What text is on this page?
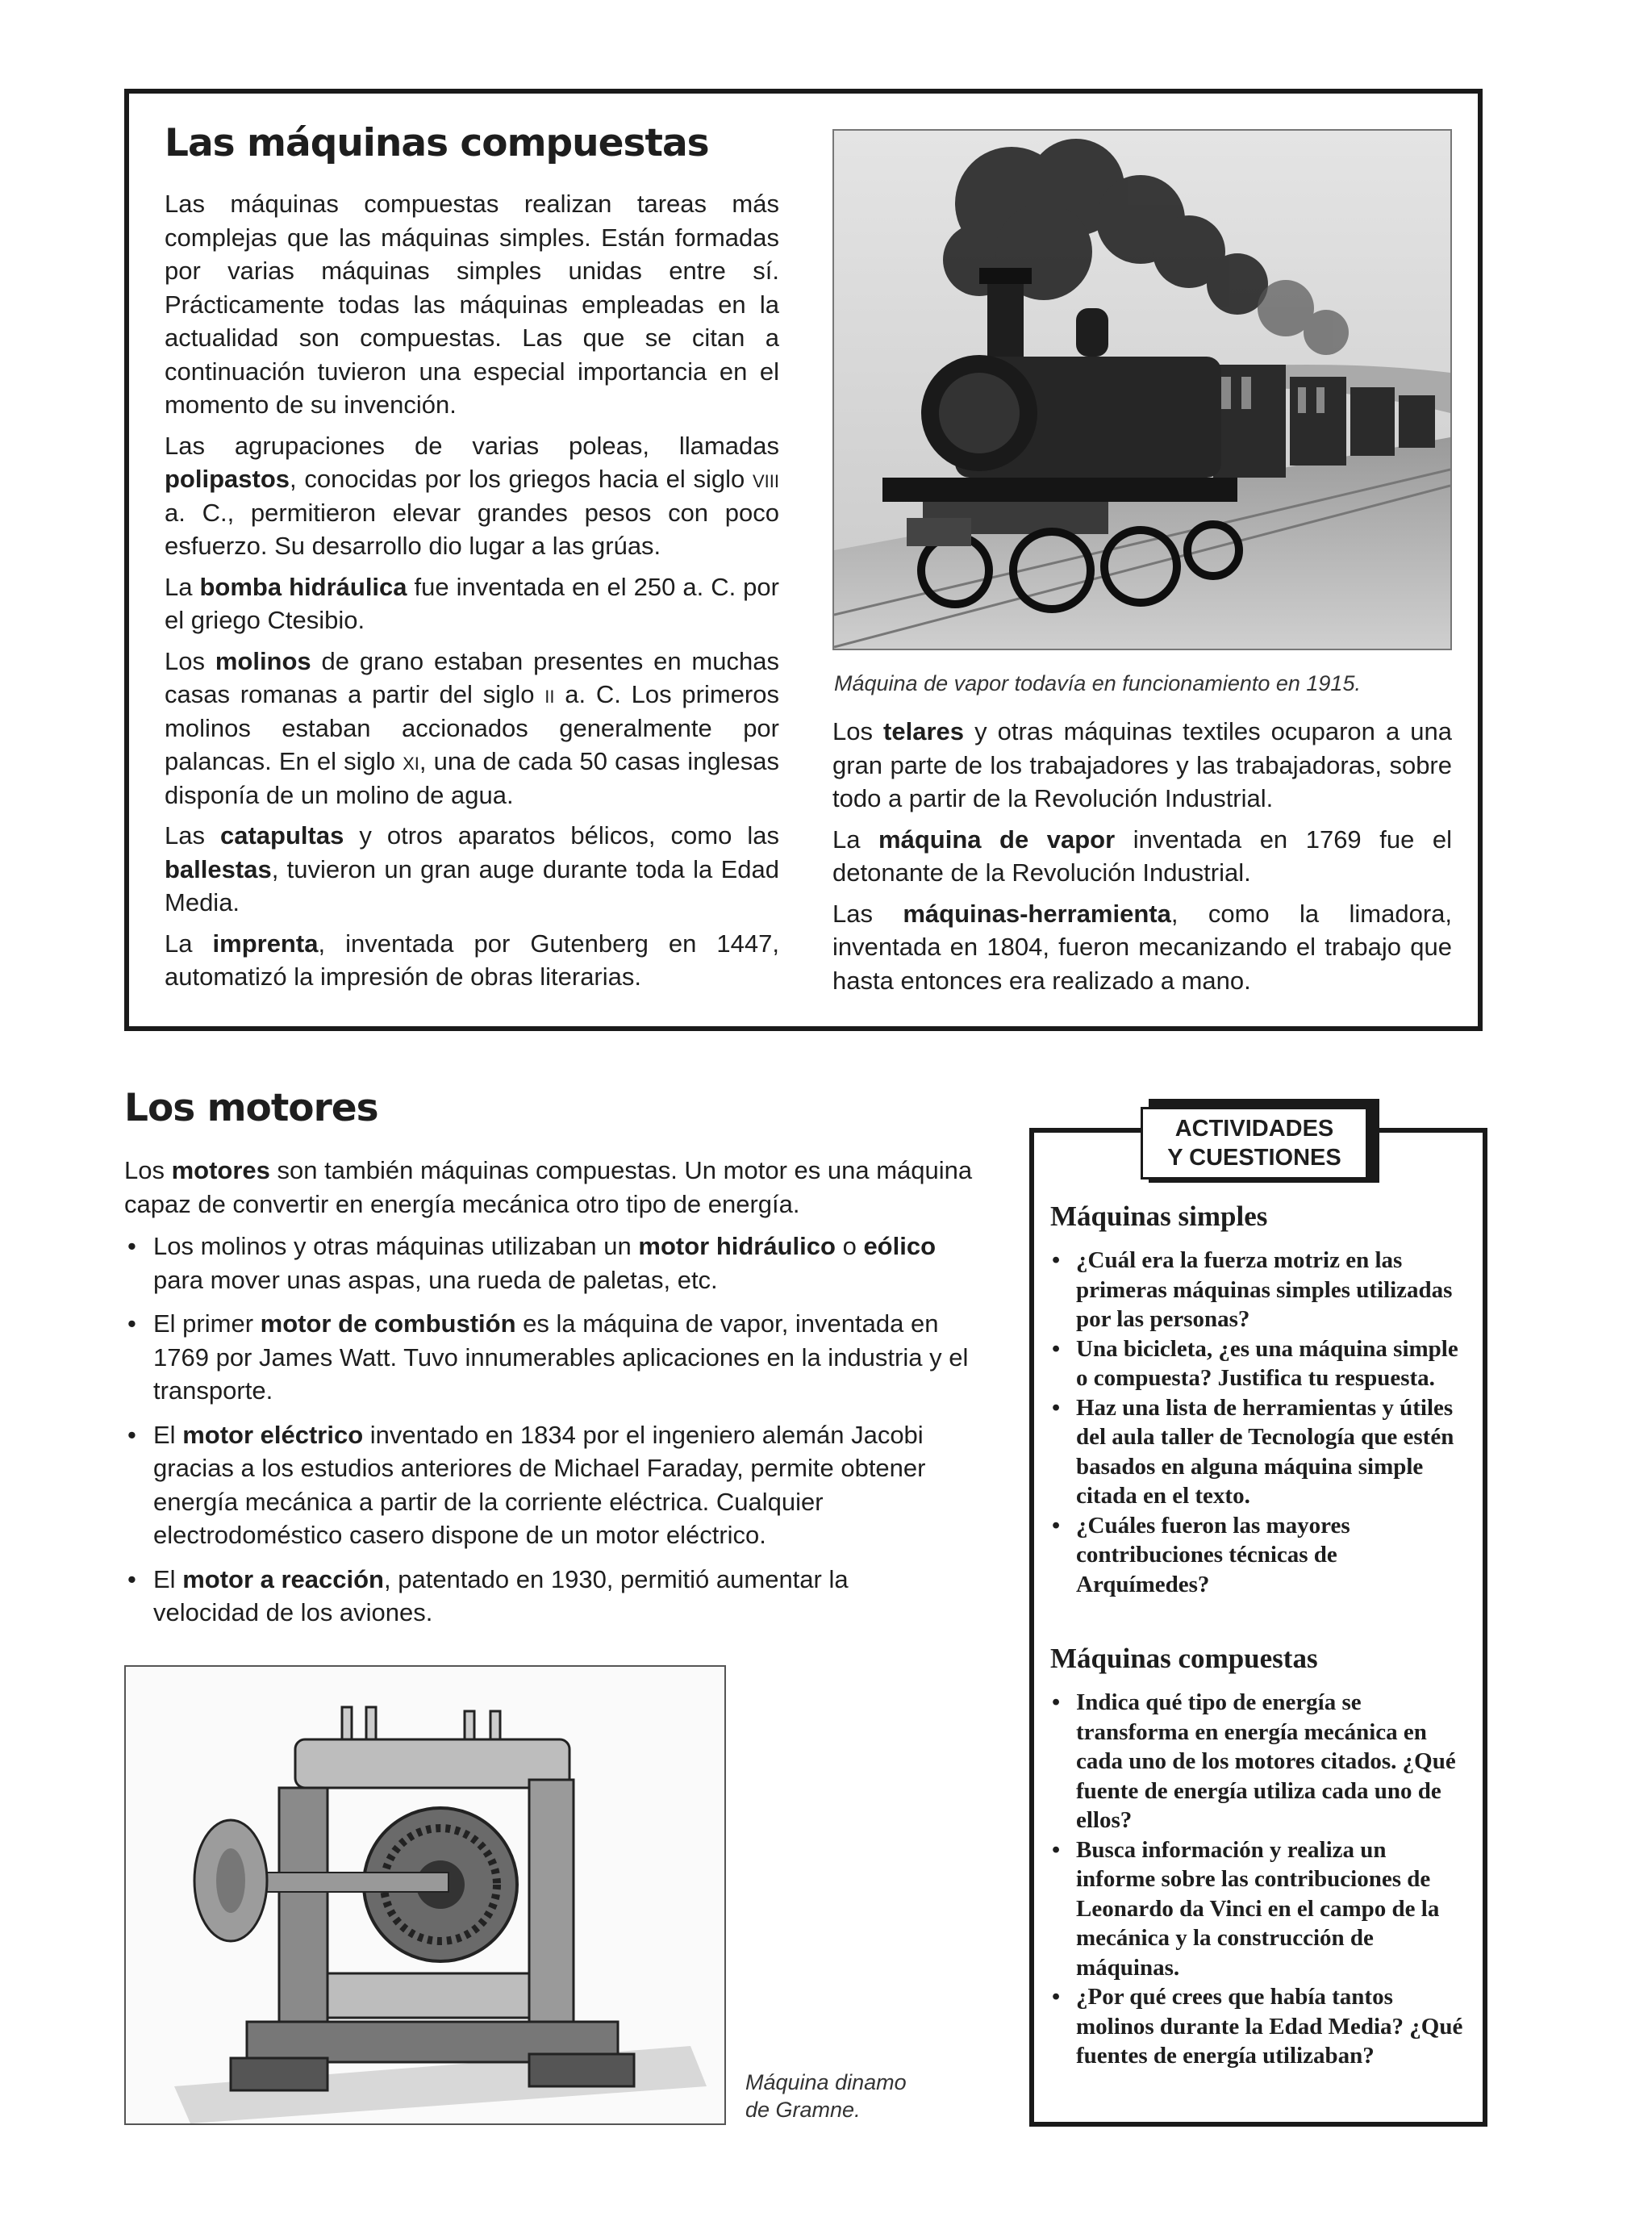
Las máquinas compuestas

Las máquinas compuestas realizan tareas más complejas que las máquinas simples. Están formadas por varias máquinas simples unidas entre sí. Prácticamente todas las máquinas empleadas en la actualidad son compuestas. Las que se citan a continuación tuvieron una especial importancia en el momento de su invención.

Las agrupaciones de varias poleas, llamadas polipastos, conocidas por los griegos hacia el siglo viii a. C., permitieron elevar grandes pesos con poco esfuerzo. Su desarrollo dio lugar a las grúas.

La bomba hidráulica fue inventada en el 250 a. C. por el griego Ctesibio.

Los molinos de grano estaban presentes en muchas casas romanas a partir del siglo ii a. C. Los primeros molinos estaban accionados generalmente por palancas. En el siglo xi, una de cada 50 casas inglesas disponía de un molino de agua.

Las catapultas y otros aparatos bélicos, como las ballestas, tuvieron un gran auge durante toda la Edad Media.

La imprenta, inventada por Gutenberg en 1447, automatizó la impresión de obras literarias.

Máquina de vapor todavía en funcionamiento en 1915.

Los telares y otras máquinas textiles ocuparon a una gran parte de los trabajadores y las trabajadoras, sobre todo a partir de la Revolución Industrial.

La máquina de vapor inventada en 1769 fue el detonante de la Revolución Industrial.

Las máquinas-herramienta, como la limadora, inventada en 1804, fueron mecanizando el trabajo que hasta entonces era realizado a mano.

Los motores
Los motores son también máquinas compuestas. Un motor es una máquina capaz de convertir en energía mecánica otro tipo de energía.
• Los molinos y otras máquinas utilizaban un motor hidráulico o eólico para mover unas aspas, una rueda de paletas, etc.
• El primer motor de combustión es la máquina de vapor, inventada en 1769 por James Watt. Tuvo innumerables aplicaciones en la industria y el transporte.
• El motor eléctrico inventado en 1834 por el ingeniero alemán Jacobi gracias a los estudios anteriores de Michael Faraday, permite obtener energía mecánica a partir de la corriente eléctrica. Cualquier electrodoméstico casero dispone de un motor eléctrico.
• El motor a reacción, patentado en 1930, permitió aumentar la velocidad de los aviones.
Máquina dinamo
de Gramne.
ACTIVIDADES
Y CUESTIONES
Máquinas simples
• ¿Cuál era la fuerza motriz en las primeras máquinas simples utilizadas por las personas?
• Una bicicleta, ¿es una máquina simple o compuesta? Justifica tu respuesta.
• Haz una lista de herramientas y útiles del aula taller de Tecnología que estén basados en alguna máquina simple citada en el texto.
• ¿Cuáles fueron las mayores contribuciones técnicas de Arquímedes?
Máquinas compuestas
• Indica qué tipo de energía se transforma en energía mecánica en cada uno de los motores citados. ¿Qué fuente de energía utiliza cada uno de ellos?
• Busca información y realiza un informe sobre las contribuciones de Leonardo da Vinci en el campo de la mecánica y la construcción de máquinas.
• ¿Por qué crees que había tantos molinos durante la Edad Media? ¿Qué fuentes de energía utilizaban?
